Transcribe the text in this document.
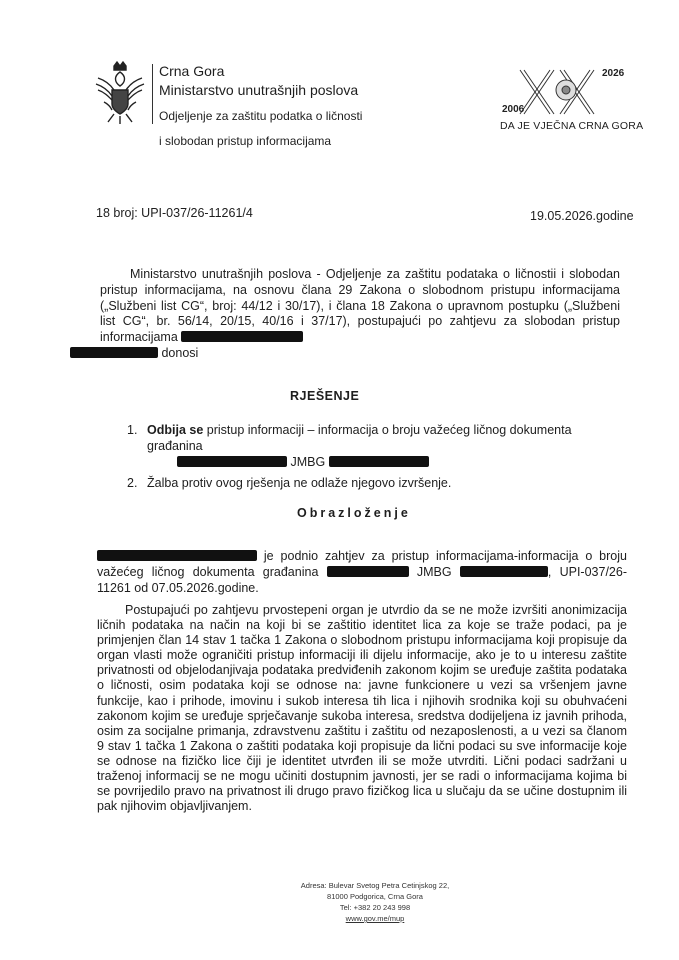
Crna Gora
Ministarstvo unutrašnjih poslova
Odjeljenje za zaštitu podatka o ličnosti
i slobodan pristup informacijama
2026
2006
DA JE VJEČNA CRNA GORA
18 broj: UPI-037/26-11261/4	19.05.2026.godine

Ministarstvo unutrašnjih poslova - Odjeljenje za zaštitu podataka o ličnostii i slobodan pristup informacijama, na osnovu člana 29 Zakona o slobodnom pristupu informacijama („Službeni list CG“, broj: 44/12 i 30/17), i člana 18 Zakona o upravnom postupku („Službeni list CG“, br. 56/14, 20/15, 40/16 i 37/17), postupajući po zahtjevu za slobodan pristup informacijama
donosi

RJEŠENJE
1. Odbija se pristup informaciji – informacija o broju važećeg ličnog dokumenta građanina
JMBG
2. Žalba protiv ovog rješenja ne odlaže njegovo izvršenje.
Obrazloženje

je podnio zahtjev za pristup informacijama-informacija o broju važećeg ličnog dokumenta građanina	JMBG	, UPI-037/26-11261 od 07.05.2026.godine.

Postupajući po zahtjevu prvostepeni organ je utvrdio da se ne može izvršiti anonimizacija ličnih podataka na način na koji bi se zaštitio identitet lica za koje se traže podaci, pa je primjenjen član 14 stav 1 tačka 1 Zakona o slobodnom pristupu informacijama koji propisuje da organ vlasti može ograničiti pristup informaciji ili dijelu informacije, ako je to u interesu zaštite privatnosti od objelodanjivaja podataka predviđenih zakonom kojim se uređuje zaštita podataka o ličnosti, osim podataka koji se odnose na: javne funkcionere u vezi sa vršenjem javne funkcije, kao i prihode, imovinu i sukob interesa tih lica i njihovih srodnika koji su obuhvaćeni zakonom kojim se uređuje sprječavanje sukoba interesa, sredstva dodijeljena iz javnih prihoda, osim za socijalne primanja, zdravstvenu zaštitu i zaštitu od nezaposlenosti, a u vezi sa članom 9 stav 1 tačka 1 Zakona o zaštiti podataka koji propisuje da lični podaci su sve informacije koje se odnose na fizičko lice čiji je identitet utvrđen ili se može utvrditi. Lični podaci sadržani u traženoj informacij se ne mogu učiniti dostupnim javnosti, jer se radi o informacijama kojima bi se povrijedilo pravo na privatnost ili drugo pravo fizičkog lica u slučaju da se učine dostupnim ili pak njihovim objavljivanjem.

Adresa: Bulevar Svetog Petra Cetinjskog 22,
81000 Podgorica, Crna Gora
Tel: +382 20 243 998
www.gov.me/mup
